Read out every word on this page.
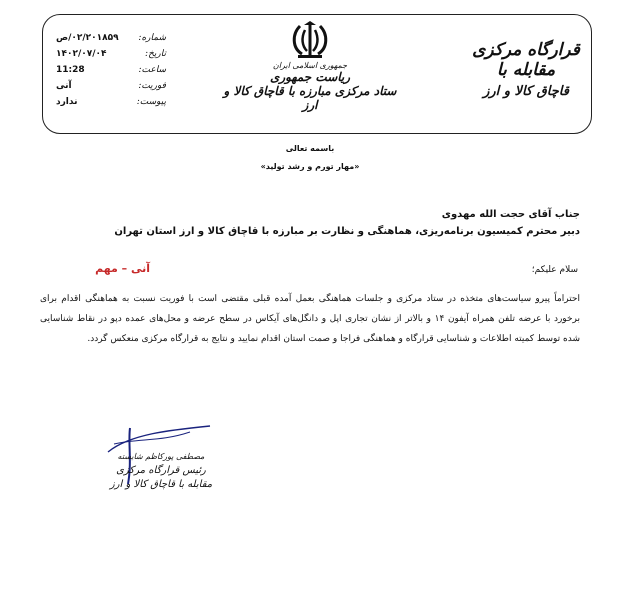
قرارگاه مرکزی مقابله با
قاچاق کالا و ارز
جمهوری اسلامی ایران
ریاست جمهوری
ستاد مرکزی مبارزه با قاچاق کالا و ارز
شماره:
۰۲/۲۰۱۸۵۹/ص
تاریخ:
۱۴۰۲/۰۷/۰۴
ساعت:
11:28
فوریت:
آنی
پیوست:
ندارد
باسمه تعالی
«مهار تورم و رشد تولید»
جناب آقای حجت الله مهدوی
دبیر محترم کمیسیون برنامه‌ریزی، هماهنگی و نظارت بر مبارزه با قاچاق کالا و ارز استان تهران
آنی – مهم	سلام علیکم؛
احتراماً پیرو سیاست‌های متخذه در ستاد مرکزی و جلسات هماهنگی بعمل آمده قبلی مقتضی است با فوریت نسبت به هماهنگی اقدام برای برخورد با عرضه تلفن همراه آیفون ۱۴ و بالاتر از نشان تجاری اپل و دانگل‌های آیکاس در سطح عرضه و محل‌های عمده دپو در نقاط شناسایی شده توسط کمیته اطلاعات و شناسایی قرارگاه و هماهنگی فراجا و صمت استان اقدام نمایید و نتایج به قرارگاه مرکزی منعکس گردد.
مصطفی پورکاظم شایسته
رئیس قرارگاه مرکزی
مقابله با قاچاق کالا و ارز
